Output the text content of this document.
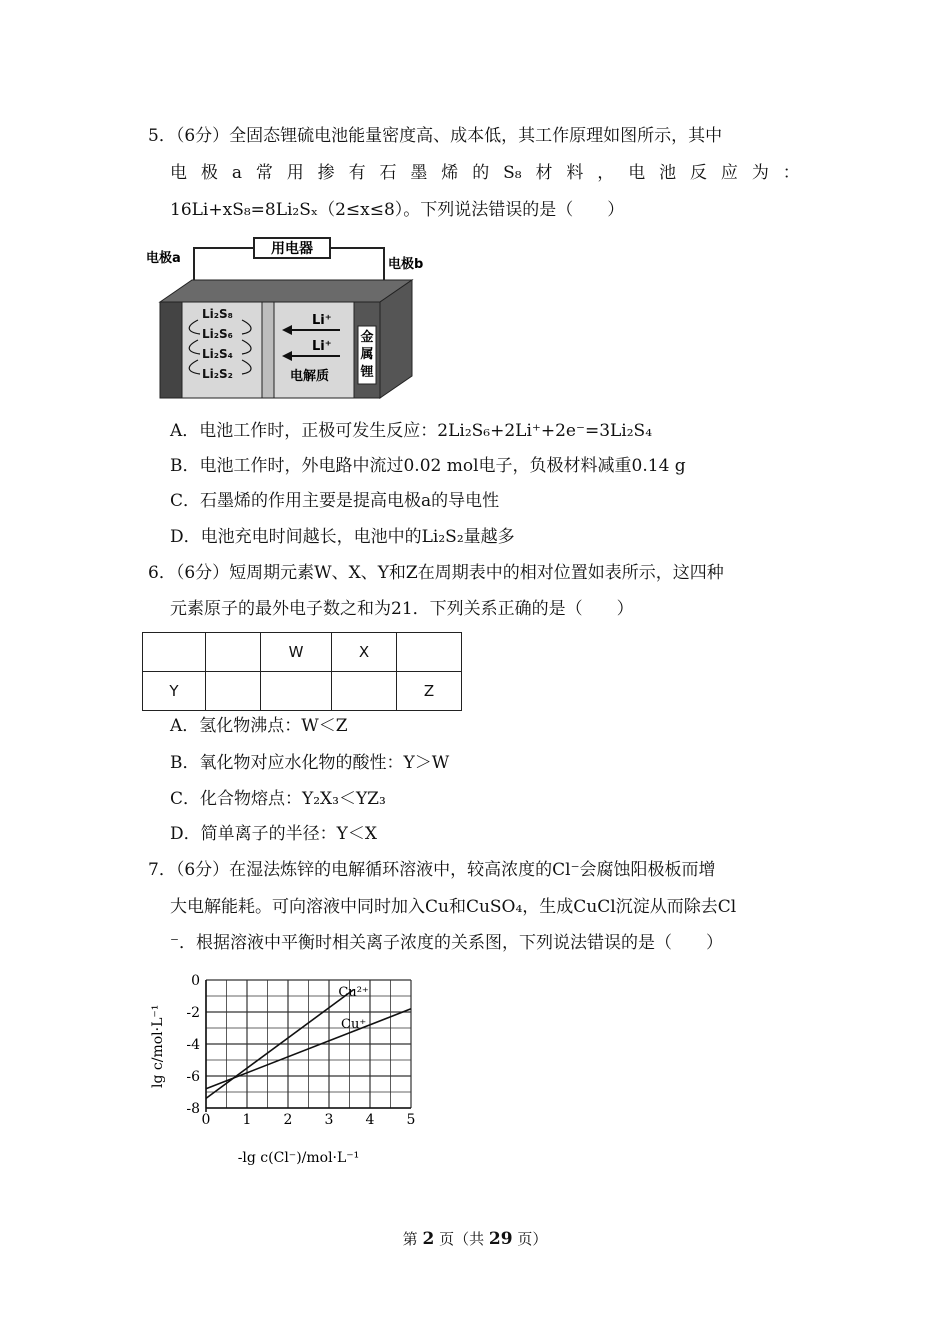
5．（6分）全固态锂硫电池能量密度高、成本低，其工作原理如图所示，其中
电 极 a 常 用 掺 有 石 墨 烯 的 S₈ 材 料 ， 电 池 反 应 为 ：
16Li+xS₈=8Li₂Sₓ（2≤x≤8）。下列说法错误的是（　　）
用电器
电极a	电极b
Li₂S₈
Li₂S₆
Li₂S₄
Li₂S₂
Li⁺
Li⁺
电解质
金
属
锂
A．电池工作时，正极可发生反应：2Li₂S₆+2Li⁺+2e⁻=3Li₂S₄
B．电池工作时，外电路中流过0.02 mol电子，负极材料减重0.14 g
C．石墨烯的作用主要是提高电极a的导电性
D．电池充电时间越长，电池中的Li₂S₂量越多
6．（6分）短周期元素W、X、Y和Z在周期表中的相对位置如表所示，这四种
元素原子的最外电子数之和为21．下列关系正确的是（　　）
		W	X	
Y				Z
A．氢化物沸点：W＜Z
B．氧化物对应水化物的酸性：Y＞W
C．化合物熔点：Y₂X₃＜YZ₃
D．简单离子的半径：Y＜X
7．（6分）在湿法炼锌的电解循环溶液中，较高浓度的Cl⁻会腐蚀阳极板而增
大电解能耗。可向溶液中同时加入Cu和CuSO₄，生成CuCl沉淀从而除去Cl
⁻．根据溶液中平衡时相关离子浓度的关系图，下列说法错误的是（　　）
0 1 2 3 4 5
0
-2
-4
-6
-8
Cu²⁺
Cu⁺
lg c/mol·L⁻¹
-lg c(Cl⁻)/mol·L⁻¹
第 2 页（共 29 页）
